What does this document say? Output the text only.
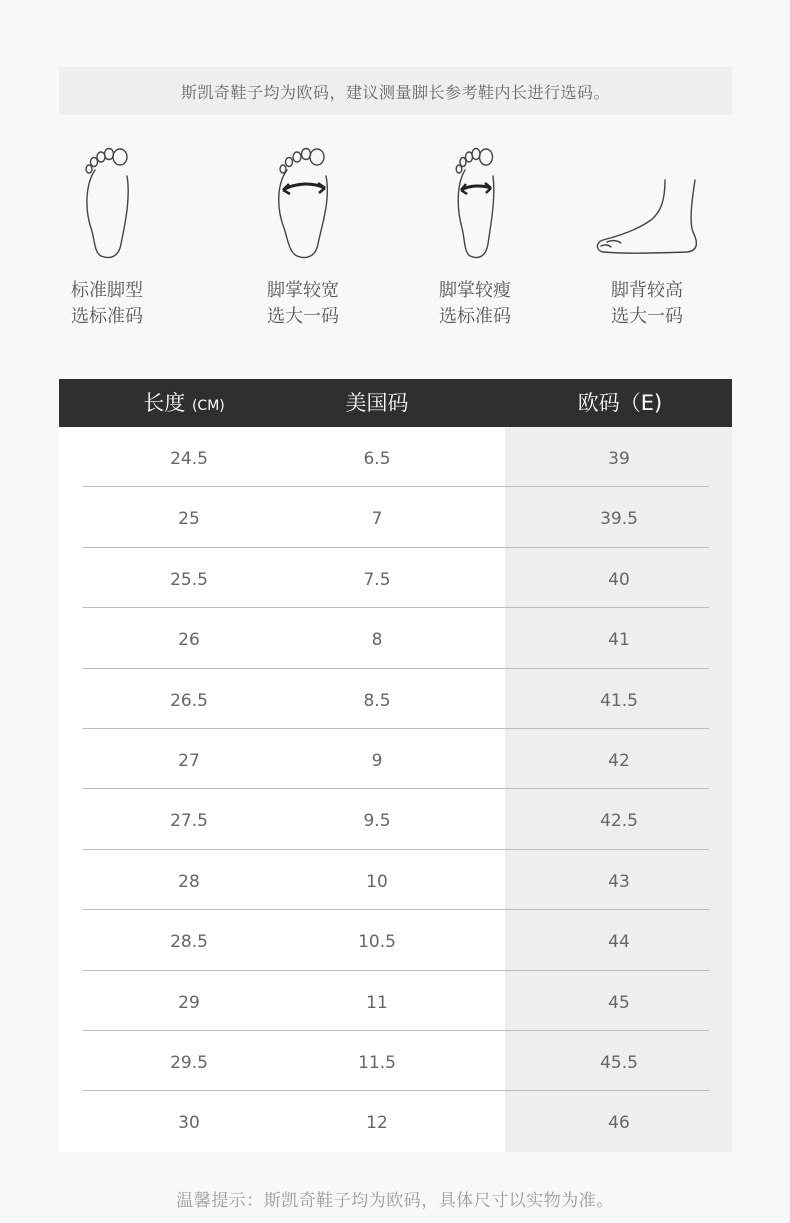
斯凯奇鞋子均为欧码，建议测量脚长参考鞋内长进行选码。
标准脚型
选标准码
脚掌较宽
选大一码
脚掌较瘦
选标准码
脚背较高
选大一码
长度 (CM)	美国码	欧码（E)
24.5	6.5	39
25	7	39.5
25.5	7.5	40
26	8	41
26.5	8.5	41.5
27	9	42
27.5	9.5	42.5
28	10	43
28.5	10.5	44
29	11	45
29.5	11.5	45.5
30	12	46
温馨提示：斯凯奇鞋子均为欧码，具体尺寸以实物为准。
